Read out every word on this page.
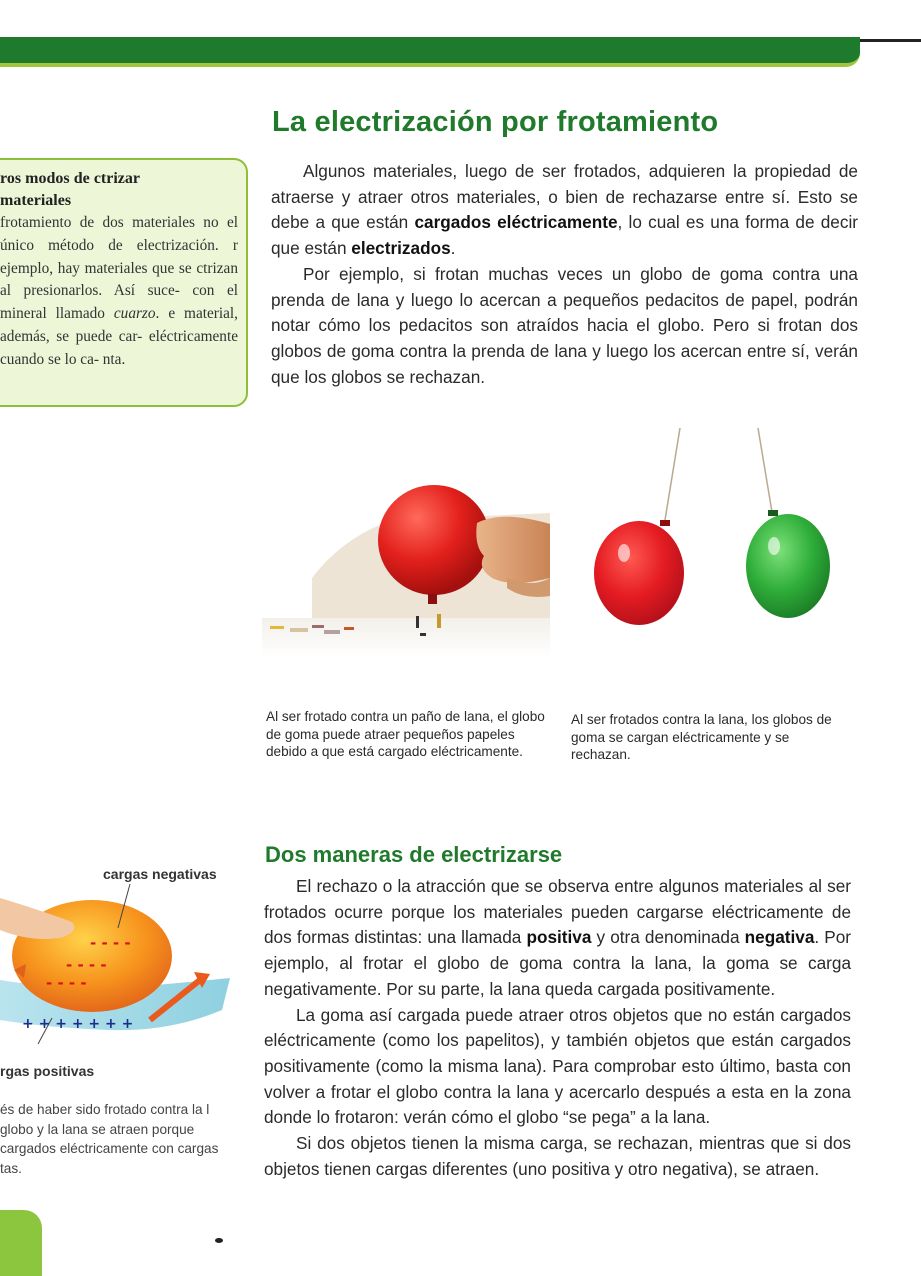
La electrización por frotamiento

Algunos materiales, luego de ser frotados, adquieren la propiedad de atraerse y atraer otros materiales, o bien de rechazarse entre sí. Esto se debe a que están cargados eléctricamente, lo cual es una forma de decir que están electrizados.

Por ejemplo, si frotan muchas veces un globo de goma contra una prenda de lana y luego lo acercan a pequeños pedacitos de papel, podrán notar cómo los pedacitos son atraídos hacia el globo. Pero si frotan dos globos de goma contra la prenda de lana y luego los acercan entre sí, verán que los globos se rechazan.

ros modos de ctrizar materiales
frotamiento de dos materiales no el único método de electrización. r ejemplo, hay materiales que se ctrizan al presionarlos. Así suce- con el mineral llamado cuarzo. e material, además, se puede car- eléctricamente cuando se lo ca- nta.
Al ser frotado contra un paño de lana, el globo de goma puede atraer pequeños papeles debido a que está cargado eléctricamente.
Al ser frotados contra la lana, los globos de goma se cargan eléctricamente y se rechazan.
- - - -
- - - -
- - - -
+ + + + + + +
cargas negativas
rgas positivas
és de haber sido frotado contra la l globo y la lana se atraen porque cargados eléctricamente con cargas tas.
Dos maneras de electrizarse

El rechazo o la atracción que se observa entre algunos materiales al ser frotados ocurre porque los materiales pueden cargarse eléctricamente de dos formas distintas: una llamada positiva y otra denominada negativa. Por ejemplo, al frotar el globo de goma contra la lana, la goma se carga negativamente. Por su parte, la lana queda cargada positivamente.

La goma así cargada puede atraer otros objetos que no están cargados eléctricamente (como los papelitos), y también objetos que están cargados positivamente (como la misma lana). Para comprobar esto último, basta con volver a frotar el globo contra la lana y acercarlo después a esta en la zona donde lo frotaron: verán cómo el globo “se pega” a la lana.

Si dos objetos tienen la misma carga, se rechazan, mientras que si dos objetos tienen cargas diferentes (uno positiva y otro negativa), se atraen.
